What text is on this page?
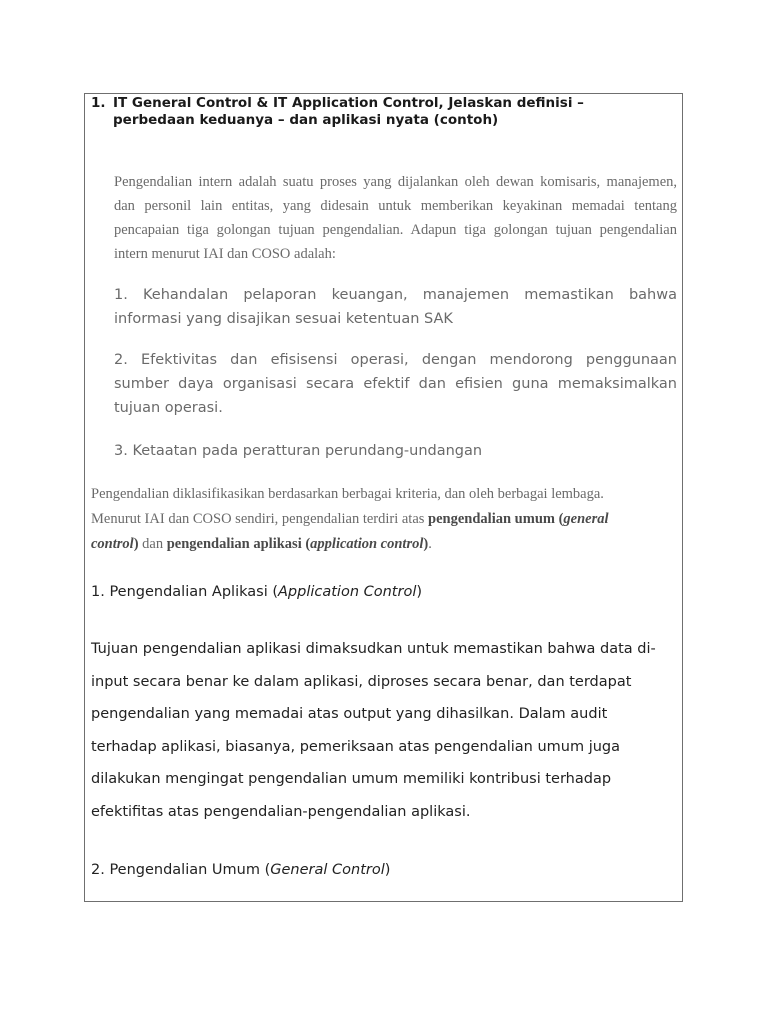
1. IT General Control & IT Application Control, Jelaskan definisi –
perbedaan keduanya – dan aplikasi nyata (contoh)
Pengendalian intern adalah suatu proses yang dijalankan oleh dewan komisaris, manajemen,
dan personil lain entitas, yang didesain untuk memberikan keyakinan memadai tentang
pencapaian tiga golongan tujuan pengendalian. Adapun tiga golongan tujuan pengendalian
intern menurut IAI dan COSO adalah:
1. Kehandalan pelaporan keuangan, manajemen memastikan bahwa
informasi yang disajikan sesuai ketentuan SAK
2. Efektivitas dan efisisensi operasi, dengan mendorong penggunaan
sumber daya organisasi secara efektif dan efisien guna memaksimalkan
tujuan operasi.
3. Ketaatan pada peratturan perundang-undangan
Pengendalian diklasifikasikan berdasarkan berbagai kriteria, dan oleh berbagai lembaga.
Menurut IAI dan COSO sendiri, pengendalian terdiri atas pengendalian umum (general
control) dan pengendalian aplikasi (application control).
1. Pengendalian Aplikasi (Application Control)
Tujuan pengendalian aplikasi dimaksudkan untuk memastikan bahwa data di-
input secara benar ke dalam aplikasi, diproses secara benar, dan terdapat
pengendalian yang memadai atas output yang dihasilkan. Dalam audit
terhadap aplikasi, biasanya, pemeriksaan atas pengendalian umum juga
dilakukan mengingat pengendalian umum memiliki kontribusi terhadap
efektifitas atas pengendalian-pengendalian aplikasi.
2. Pengendalian Umum (General Control)
